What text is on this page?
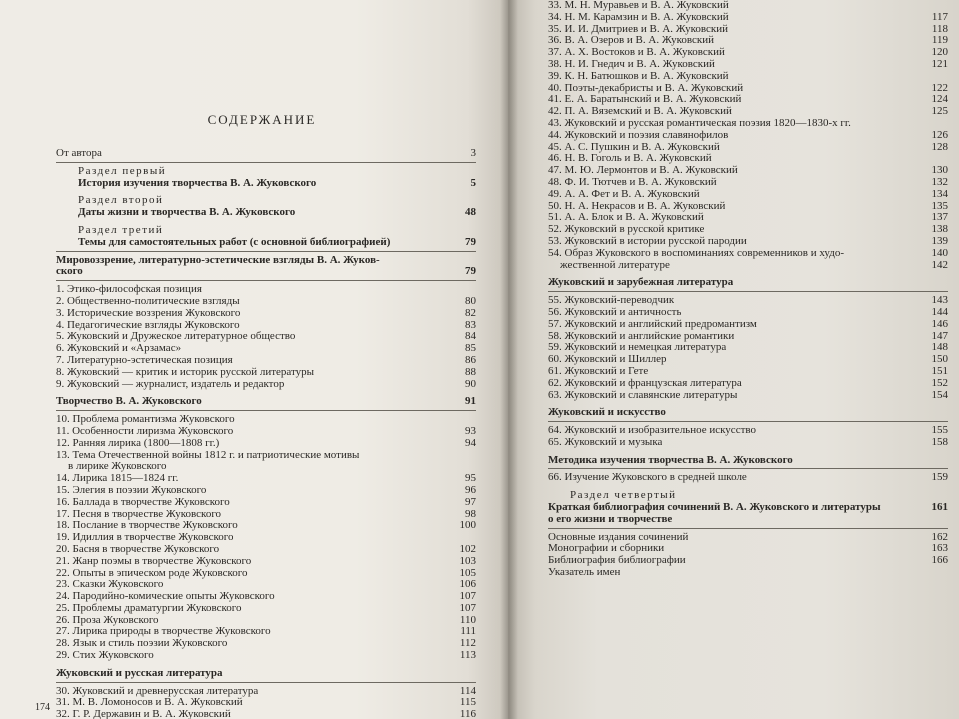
СОДЕРЖАНИЕ
От автора	3
Раздел первый
История изучения творчества В. А. Жуковского	5
Раздел второй
Даты жизни и творчества В. А. Жуковского	48
Раздел третий
Темы для самостоятельных работ (с основной библиографией)	79
Мировоззрение, литературно-эстетические взгляды В. А. Жуков-
ского	79
1. Этико-философская позиция
2. Общественно-политические взгляды	80
3. Исторические воззрения Жуковского	82
4. Педагогические взгляды Жуковского	83
5. Жуковский и Дружеское литературное общество	84
6. Жуковский и «Арзамас»	85
7. Литературно-эстетическая позиция	86
8. Жуковский — критик и историк русской литературы	88
9. Жуковский — журналист, издатель и редактор	90
Творчество В. А. Жуковского	91
10. Проблема романтизма Жуковского
11. Особенности лиризма Жуковского	93
12. Ранняя лирика (1800—1808 гг.)	94
13. Тема Отечественной войны 1812 г. и патриотические мотивы
в лирике Жуковского
14. Лирика 1815—1824 гг.	95
15. Элегия в поэзии Жуковского	96
16. Баллада в творчестве Жуковского	97
17. Песня в творчестве Жуковского	98
18. Послание в творчестве Жуковского	100
19. Идиллия в творчестве Жуковского
20. Басня в творчестве Жуковского	102
21. Жанр поэмы в творчестве Жуковского	103
22. Опыты в эпическом роде Жуковского	105
23. Сказки Жуковского	106
24. Пародийно-комические опыты Жуковского	107
25. Проблемы драматургии Жуковского	107
26. Проза Жуковского	110
27. Лирика природы в творчестве Жуковского	111
28. Язык и стиль поэзии Жуковского	112
29. Стих Жуковского	113
Жуковский и русская литература
30. Жуковский и древнерусская литература	114
31. М. В. Ломоносов и В. А. Жуковский	115
32. Г. Р. Державин и В. А. Жуковский	116
174
33. М. Н. Муравьев и В. А. Жуковский
34. Н. М. Карамзин и В. А. Жуковский	117
35. И. И. Дмитриев и В. А. Жуковский	118
36. В. А. Озеров и В. А. Жуковский	119
37. А. Х. Востоков и В. А. Жуковский	120
38. Н. И. Гнедич и В. А. Жуковский	121
39. К. Н. Батюшков и В. А. Жуковский
40. Поэты-декабристы и В. А. Жуковский	122
41. Е. А. Баратынский и В. А. Жуковский	124
42. П. А. Вяземский и В. А. Жуковский	125
43. Жуковский и русская романтическая поэзия 1820—1830-х гг.
44. Жуковский и поэзия славянофилов	126
45. А. С. Пушкин и В. А. Жуковский	128
46. Н. В. Гоголь и В. А. Жуковский
47. М. Ю. Лермонтов и В. А. Жуковский	130
48. Ф. И. Тютчев и В. А. Жуковский	132
49. А. А. Фет и В. А. Жуковский	134
50. Н. А. Некрасов и В. А. Жуковский	135
51. А. А. Блок и В. А. Жуковский	137
52. Жуковский в русской критике	138
53. Жуковский в истории русской пародии	139
54. Образ Жуковского в воспоминаниях современников и худо-	140
жественной литературе	142
Жуковский и зарубежная литература
55. Жуковский-переводчик	143
56. Жуковский и античность	144
57. Жуковский и английский предромантизм	146
58. Жуковский и английские романтики	147
59. Жуковский и немецкая литература	148
60. Жуковский и Шиллер	150
61. Жуковский и Гете	151
62. Жуковский и французская литература	152
63. Жуковский и славянские литературы	154
Жуковский и искусство
64. Жуковский и изобразительное искусство	155
65. Жуковский и музыка	158
Методика изучения творчества В. А. Жуковского
66. Изучение Жуковского в средней школе	159
Раздел четвертый
Краткая библиография сочинений В. А. Жуковского и литературы	161
о его жизни и творчестве
Основные издания сочинений	162
Монографии и сборники	163
Библиография библиографии	166
Указатель имен
